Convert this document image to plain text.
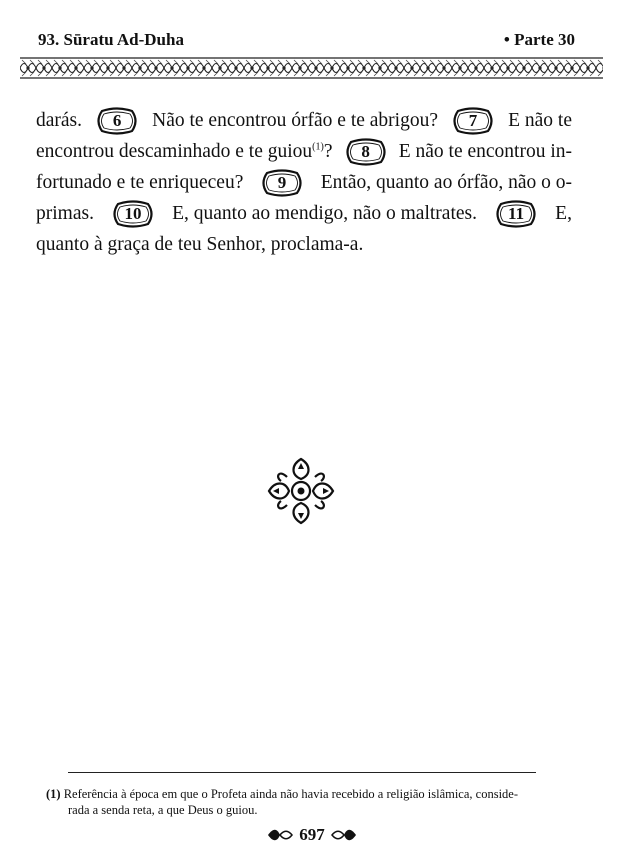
93. Sūratu Ad-Duha	• Parte 30
darás. 6 Não te encontrou órfão e te abrigou? 7 E não te
encontrou descaminhado e te guiou$^{(1)}$? 8 E não te encontrou in-
fortunado e te enriqueceu? 9 Então, quanto ao órfão, não o o-
primas. 10 E, quanto ao mendigo, não o maltrates. 11 E,
quanto à graça de teu Senhor, proclama-a.
(1) Referência à época em que o Profeta ainda não havia recebido a religião islâmica, conside-
rada a senda reta, a que Deus o guiou.
697
